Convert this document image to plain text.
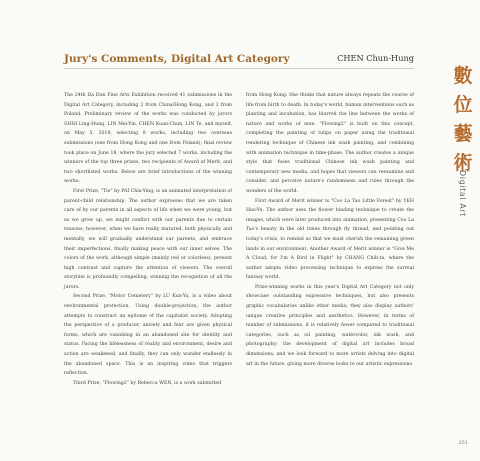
Jury's Comments, Digital Art Category	CHEN Chun-Hung

The 24th Da Dun Fine Arts Exhibition received 41 submissions in the Digital Art Category, including 2 from China/Hong Kong, and 2 from Poland. Preliminary review of the works was conducted by jurors SHIH Ling-Hung, LIN Mei-Yin, CHEN Kuan-Chun, LIN Te, and myself, on May 5, 2019, selecting 8 works, including two overseas submissions (one from Hong Kong and one from Poland); final review took place on June 18, where the jury selected 7 works, including the winners of the top three prizes, two recipients of Award of Merit, and two shortlisted works. Below are brief introductions of the winning works:

First Prize, "Tie" by PAI Chia-Ying, is an animated interpretation of parent-child relationship. The author expresses that we are taken care of by our parents in all aspects of life when we were young, but as we grow up, we might conflict with our parents due to certain reasons; however, when we have really matured, both physically and mentally, we will gradually understand our parents, and embrace their imperfections, finally making peace with our inner selves. The colors of the work, although simple (mainly red or colorless), present high contrast and capture the attention of viewers. The overall storyline is profoundly compelling, winning the recognition of all the jurors.

Second Prize, "Motor Cemetery" by LU Kun-Yu, is a video about environmental protection. Using double-projection, the author attempts to construct an epitome of the capitalist society. Adopting the perspective of a producer, anxiety and fear are given physical forms, which are vanishing in an abandoned site for identity and status. Facing the lifelessness of reality and environment, desire and action are weakened, and finally, they can only wander endlessly in the abandoned space. This is an inspiring video that triggers reflection.

Third Prize, "Flowing2" by Rebecca WEN, is a work submitted

from Hong Kong. She thinks that nature always repeats the course of life from birth to death. In today's world, human interventions such as planting and incubation, has blurred the line between the works of nature and works of men. "Flowing2" is built on this concept, completing the painting of tulips on paper using the traditional rendering technique of Chinese ink wash painting, and combining with animation technique in time-phase. The author creates a unique style that fuses traditional Chinese ink wash painting and contemporary new media, and hopes that viewers can reexamine and consider, and perceive nature's randomness and rules through the wonders of the world.

First Award of Merit winner is "Coo La Tao Little Forest" by YEH Hao-Yu. The author uses the flower binding technique to create the images, which were later produced into animation, presenting Coo La Tao's beauty in the old times through fly thread, and pointing out today's crisis, to remind us that we must cherish the remaining green lands in our environment. Another Award of Merit winner is "Give Me A Cloud, for I'm A Bird in Flight" by CHANG Chih-ta, where the author adopts video processing technique to express the surreal fantasy world.

Prize-winning works in this year's Digital Art Category not only showcase outstanding expressive techniques, but also presents graphic vocabularies unlike other media; they also display authors' unique creative principles and aesthetics. However, in terms of number of submissions, it is relatively fewer compared to traditional categories, such as oil painting, watercolor, ink wash, and photography; the development of digital art includes broad dimensions, and we look forward to more artists delving into digital art in the future, giving more diverse looks to our artistic expressions.

數
位
藝
術
Digital Art
251
